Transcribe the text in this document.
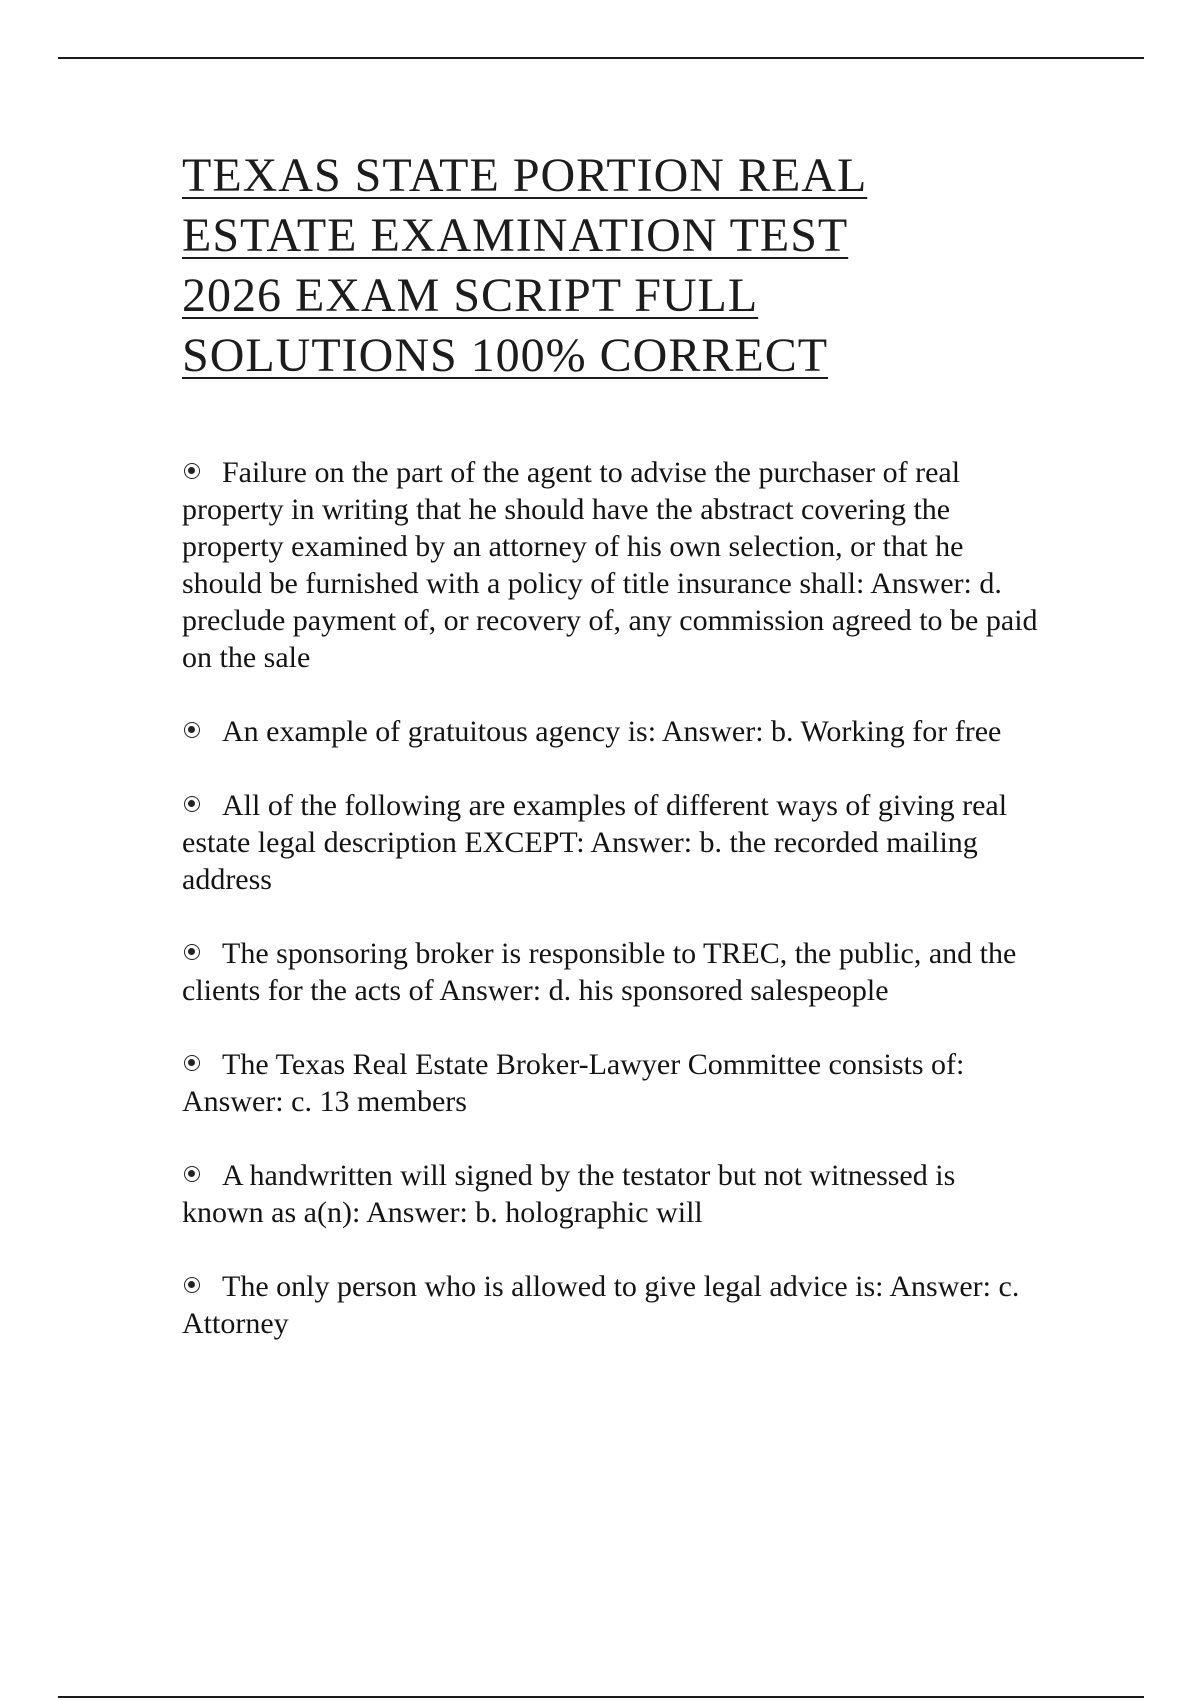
TEXAS STATE PORTION REAL
ESTATE EXAMINATION TEST
2026 EXAM SCRIPT FULL
SOLUTIONS 100% CORRECT
Failure on the part of the agent to advise the purchaser of real property in writing that he should have the abstract covering the property examined by an attorney of his own selection, or that he should be furnished with a policy of title insurance shall: Answer: d. preclude payment of, or recovery of, any commission agreed to be paid on the sale
An example of gratuitous agency is: Answer: b. Working for free
All of the following are examples of different ways of giving real estate legal description EXCEPT: Answer: b. the recorded mailing address
The sponsoring broker is responsible to TREC, the public, and the clients for the acts of Answer: d. his sponsored salespeople
The Texas Real Estate Broker-Lawyer Committee consists of: Answer: c. 13 members
A handwritten will signed by the testator but not witnessed is known as a(n): Answer: b. holographic will
The only person who is allowed to give legal advice is: Answer: c. Attorney
